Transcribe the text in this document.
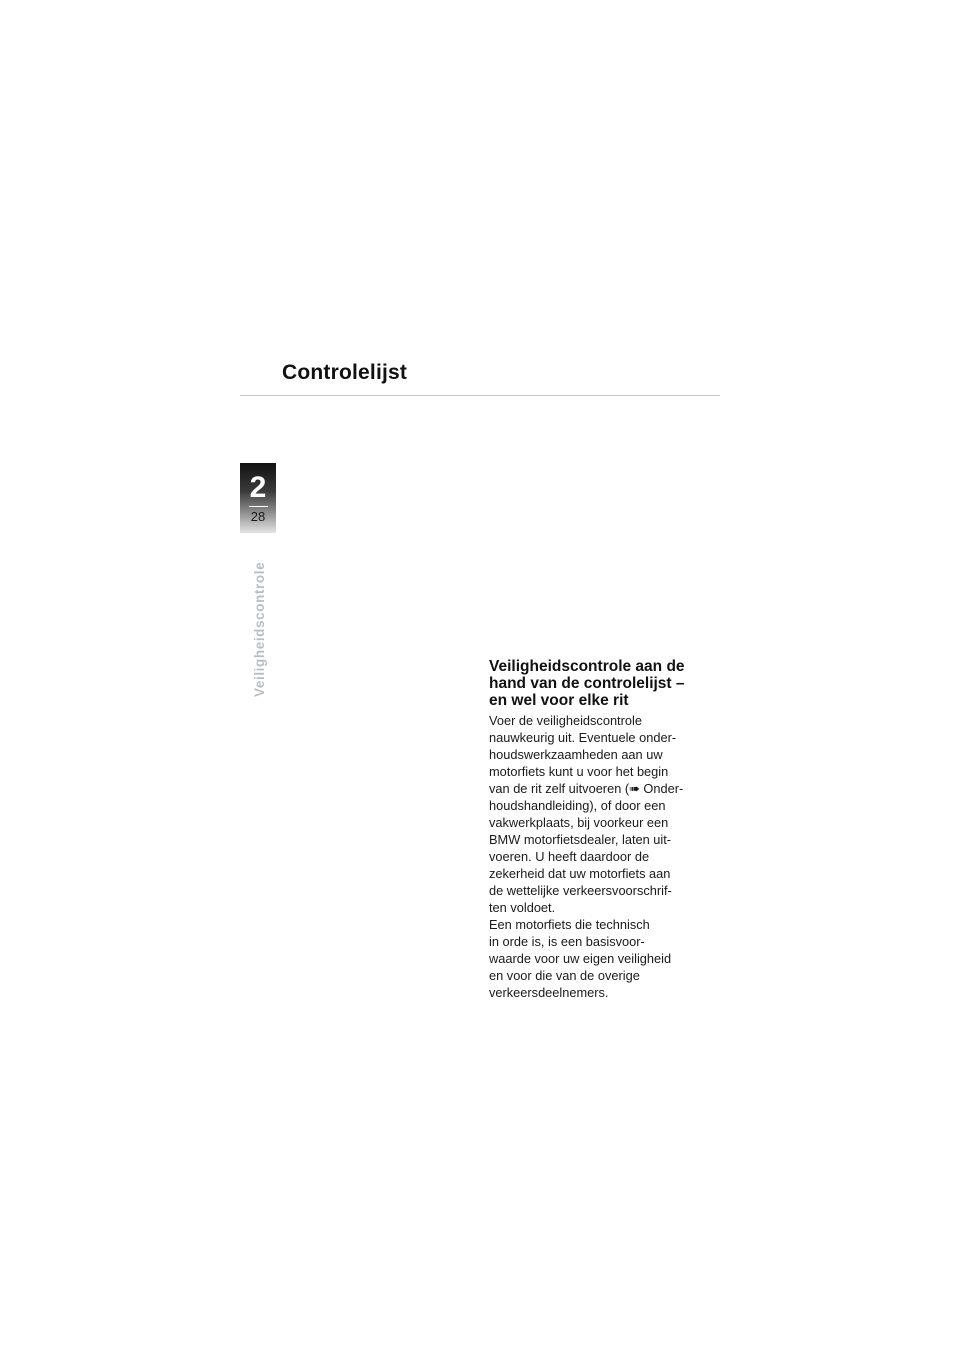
Controlelijst
2
28
Veiligheidscontrole	Veiligheidscontrole aan de
hand van de controlelijst –
en wel voor elke rit

Voer de veiligheidscontrole
nauwkeurig uit. Eventuele onder-
houdswerkzaamheden aan uw
motorfiets kunt u voor het begin
van de rit zelf uitvoeren (➠ Onder-
houdshandleiding), of door een
vakwerkplaats, bij voorkeur een
BMW motorfietsdealer, laten uit-
voeren. U heeft daardoor de
zekerheid dat uw motorfiets aan
de wettelijke verkeersvoorschrif-
ten voldoet.
Een motorfiets die technisch
in orde is, is een basisvoor-
waarde voor uw eigen veiligheid
en voor die van de overige
verkeersdeelnemers.
